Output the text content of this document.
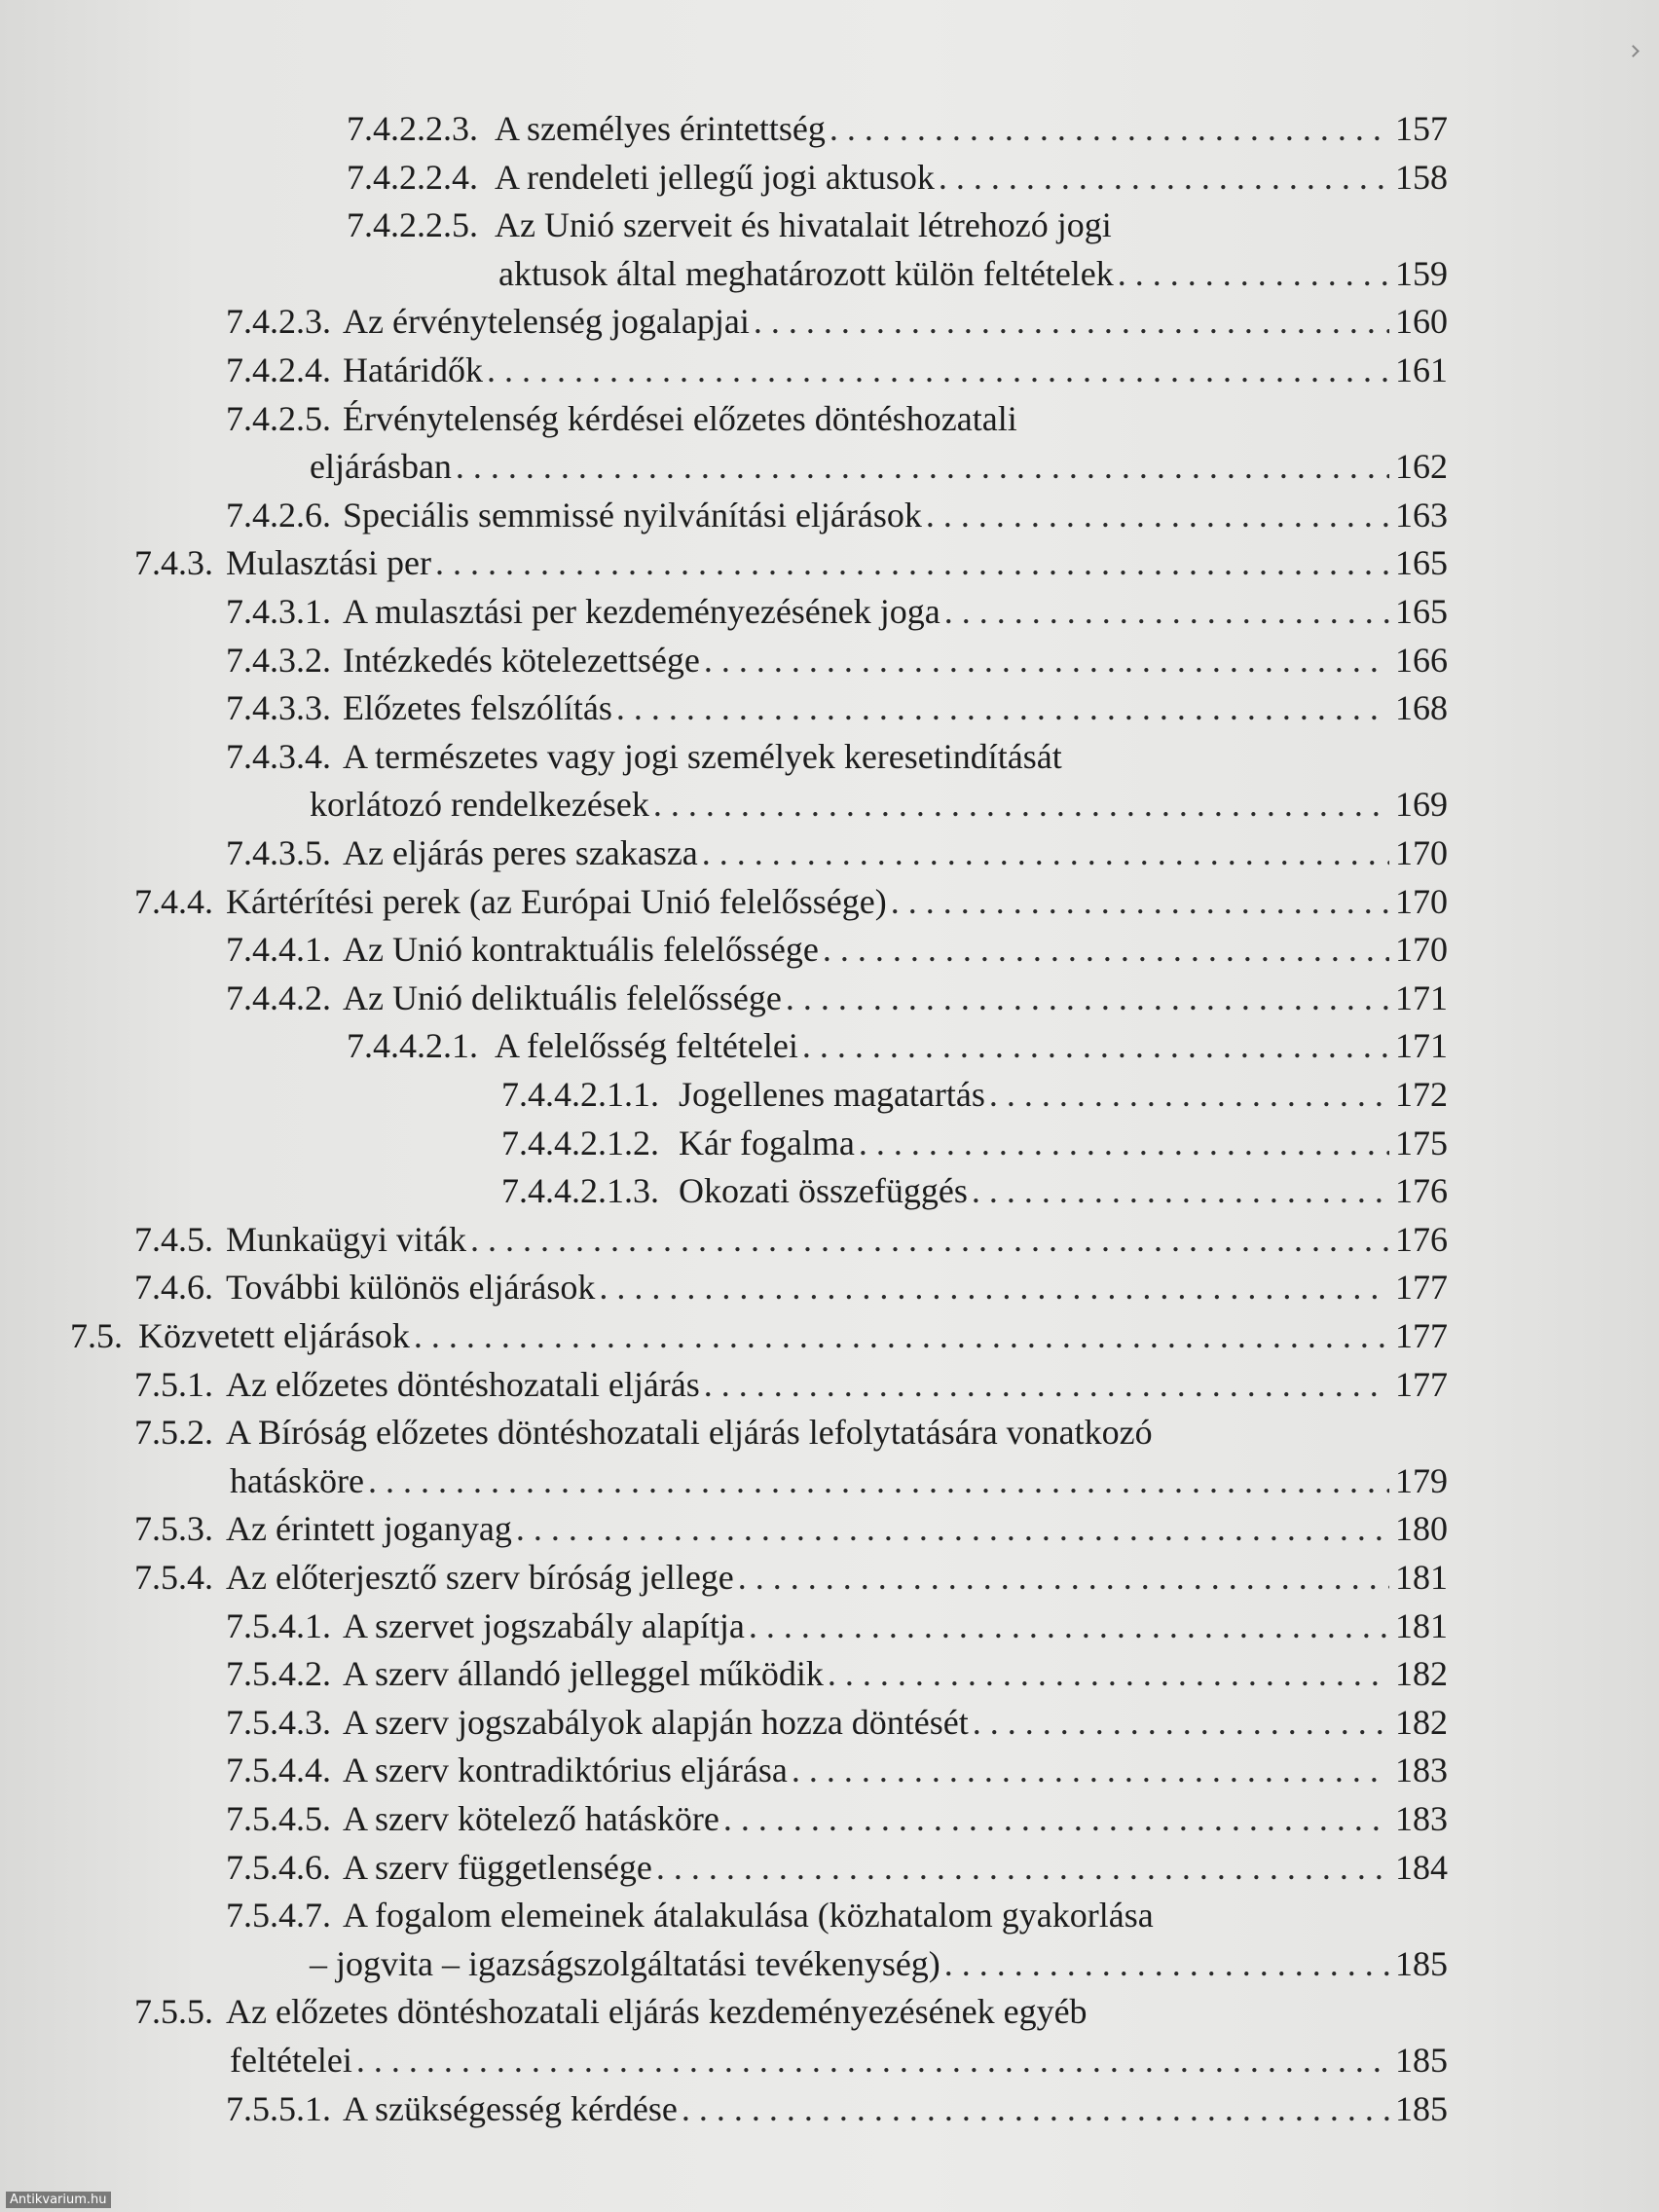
7.4.2.2.3. A személyes érintettség . . .	157
7.4.2.2.4. A rendeleti jellegű jogi aktusok . . .	158
7.4.2.2.5. Az Unió szerveit és hivatalait létrehozó jogi
aktusok által meghatározott külön feltételek . . .	159
7.4.2.3. Az érvénytelenség jogalapjai . . .	160
7.4.2.4. Határidők . . .	161
7.4.2.5. Érvénytelenség kérdései előzetes döntéshozatali
eljárásban . . .	162
7.4.2.6. Speciális semmissé nyilvánítási eljárások . . .	163
7.4.3. Mulasztási per . . .	165
7.4.3.1. A mulasztási per kezdeményezésének joga . . .	165
7.4.3.2. Intézkedés kötelezettsége . . .	166
7.4.3.3. Előzetes felszólítás . . .	168
7.4.3.4. A természetes vagy jogi személyek keresetindítását
korlátozó rendelkezések . . .	169
7.4.3.5. Az eljárás peres szakasza . . .	170
7.4.4. Kártérítési perek (az Európai Unió felelőssége) . . .	170
7.4.4.1. Az Unió kontraktuális felelőssége . . .	170
7.4.4.2. Az Unió deliktuális felelőssége . . .	171
7.4.4.2.1. A felelősség feltételei . . .	171
7.4.4.2.1.1. Jogellenes magatartás . . .	172
7.4.4.2.1.2. Kár fogalma . . .	175
7.4.4.2.1.3. Okozati összefüggés . . .	176
7.4.5. Munkaügyi viták . . .	176
7.4.6. További különös eljárások . . .	177
7.5. Közvetett eljárások . . .	177
7.5.1. Az előzetes döntéshozatali eljárás . . .	177
7.5.2. A Bíróság előzetes döntéshozatali eljárás lefolytatására vonatkozó
hatásköre . . .	179
7.5.3. Az érintett joganyag . . .	180
7.5.4. Az előterjesztő szerv bíróság jellege . . .	181
7.5.4.1. A szervet jogszabály alapítja . . .	181
7.5.4.2. A szerv állandó jelleggel működik . . .	182
7.5.4.3. A szerv jogszabályok alapján hozza döntését . . .	182
7.5.4.4. A szerv kontradiktórius eljárása . . .	183
7.5.4.5. A szerv kötelező hatásköre . . .	183
7.5.4.6. A szerv függetlensége . . .	184
7.5.4.7. A fogalom elemeinek átalakulása (közhatalom gyakorlása
– jogvita – igazságszolgáltatási tevékenység) . . .	185
7.5.5. Az előzetes döntéshozatali eljárás kezdeményezésének egyéb
feltételei . . .	185
7.5.5.1. A szükségesség kérdése . . .	185
Antikvarium.hu
